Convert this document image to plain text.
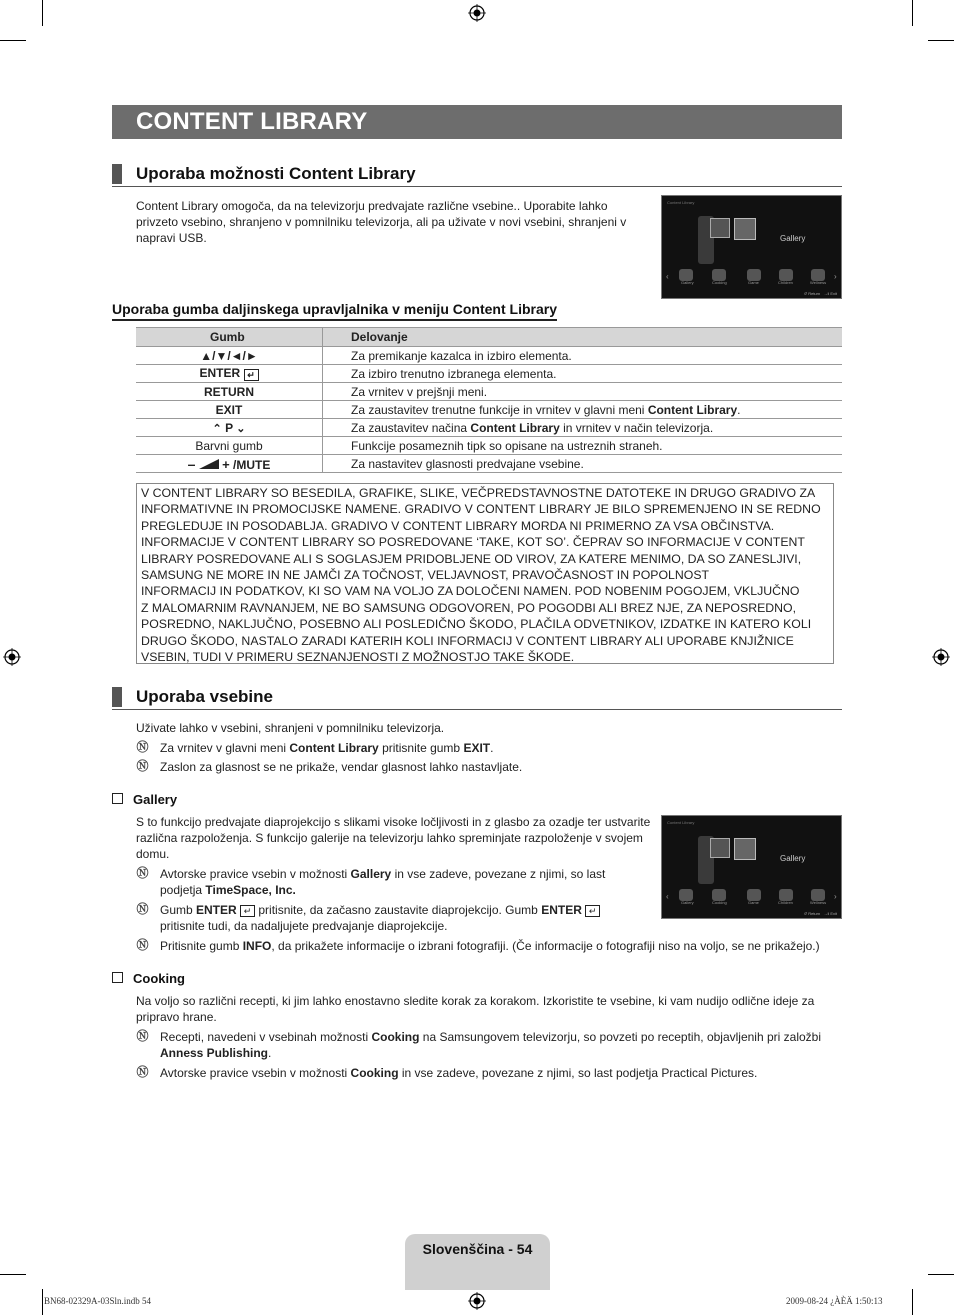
CONTENT LIBRARY
Uporaba možnosti Content Library

Content Library omogoča, da na televizorju predvajate različne vsebine.. Uporabite lahko privzeto vsebino, shranjeno v pomnilniku televizorja, ali pa uživate v novi vsebini, shranjeni v napravi USB.

Content Library
Gallery
‹	›
Gallery	Cooking	Game	Children	Wellness
↺ Return   →‖ Exit
Uporaba gumba daljinskega upravljalnika v meniju Content Library
Gumb	Delovanje
▲/▼/◄/►	Za premikanje kazalca in izbiro elementa.
ENTER ↵	Za izbiro trenutno izbranega elementa.
RETURN	Za vrnitev v prejšnji meni.
EXIT	Za zaustavitev trenutne funkcije in vrnitev v glavni meni Content Library.
⌃ P ⌄	Za zaustavitev načina Content Library in vrnitev v način televizorja.
Barvni gumb	Funkcije posameznih tipk so opisane na ustreznih straneh.
– + /MUTE	Za nastavitev glasnosti predvajane vsebine.
V CONTENT LIBRARY SO BESEDILA, GRAFIKE, SLIKE, VEČPREDSTAVNOSTNE DATOTEKE IN DRUGO GRADIVO ZA
INFORMATIVNE IN PROMOCIJSKE NAMENE. GRADIVO V CONTENT LIBRARY JE BILO SPREMENJENO IN SE REDNO
PREGLEDUJE IN POSODABLJA. GRADIVO V CONTENT LIBRARY MORDA NI PRIMERNO ZA VSA OBČINSTVA.
INFORMACIJE V CONTENT LIBRARY SO POSREDOVANE ‘TAKE, KOT SO’. ČEPRAV SO INFORMACIJE V CONTENT
LIBRARY POSREDOVANE ALI S SOGLASJEM PRIDOBLJENE OD VIROV, ZA KATERE MENIMO, DA SO ZANESLJIVI,
SAMSUNG NE MORE IN NE JAMČI ZA TOČNOST, VELJAVNOST, PRAVOČASNOST IN POPOLNOST
INFORMACIJ IN PODATKOV, KI SO VAM NA VOLJO ZA DOLOČENI NAMEN. POD NOBENIM POGOJEM, VKLJUČNO
Z MALOMARNIM RAVNANJEM, NE BO SAMSUNG ODGOVOREN, PO POGODBI ALI BREZ NJE, ZA NEPOSREDNO,
POSREDNO, NAKLJUČNO, POSEBNO ALI POSLEDIČNO ŠKODO, PLAČILA ODVETNIKOV, IZDATKE IN KATERO KOLI
DRUGO ŠKODO, NASTALO ZARADI KATERIH KOLI INFORMACIJ V CONTENT LIBRARY ALI UPORABE KNJIŽNICE
VSEBIN, TUDI V PRIMERU SEZNANJENOSTI Z MOŽNOSTJO TAKE ŠKODE.
Uporaba vsebine

Uživate lahko v vsebini, shranjeni v pomnilniku televizorja.

Ⓝ Za vrnitev v glavni meni Content Library pritisnite gumb EXIT.
Ⓝ Zaslon za glasnost se ne prikaže, vendar glasnost lahko nastavljate.
Gallery

S to funkcijo predvajate diaprojekcijo s slikami visoke ločljivosti in z glasbo za ozadje ter ustvarite različna razpoloženja. S funkcijo galerije na televizorju lahko spreminjate razpoloženje v svojem domu.

Ⓝ Avtorske pravice vsebin v možnosti Gallery in vse zadeve, povezane z njimi, so last podjetja TimeSpace, Inc.
Ⓝ Gumb ENTER ↵ pritisnite, da začasno zaustavite diaprojekcijo. Gumb ENTER ↵ pritisnite tudi, da nadaljujete predvajanje diaprojekcije.
Ⓝ Pritisnite gumb INFO, da prikažete informacije o izbrani fotografiji. (Če informacije o fotografiji niso na voljo, se ne prikažejo.)
Content Library
Gallery
‹	›
Gallery	Cooking	Game	Children	Wellness
↺ Return   →‖ Exit
Cooking

Na voljo so različni recepti, ki jim lahko enostavno sledite korak za korakom. Izkoristite te vsebine, ki vam nudijo odlične ideje za pripravo hrane.

Ⓝ Recepti, navedeni v vsebinah možnosti Cooking na Samsungovem televizorju, so povzeti po receptih, objavljenih pri založbi Anness Publishing.
Ⓝ Avtorske pravice vsebin v možnosti Cooking in vse zadeve, povezane z njimi, so last podjetja Practical Pictures.
Slovenščina - 54
BN68-02329A-03Sln.indb 54	2009-08-24 ¿ÀÈÄ 1:50:13
